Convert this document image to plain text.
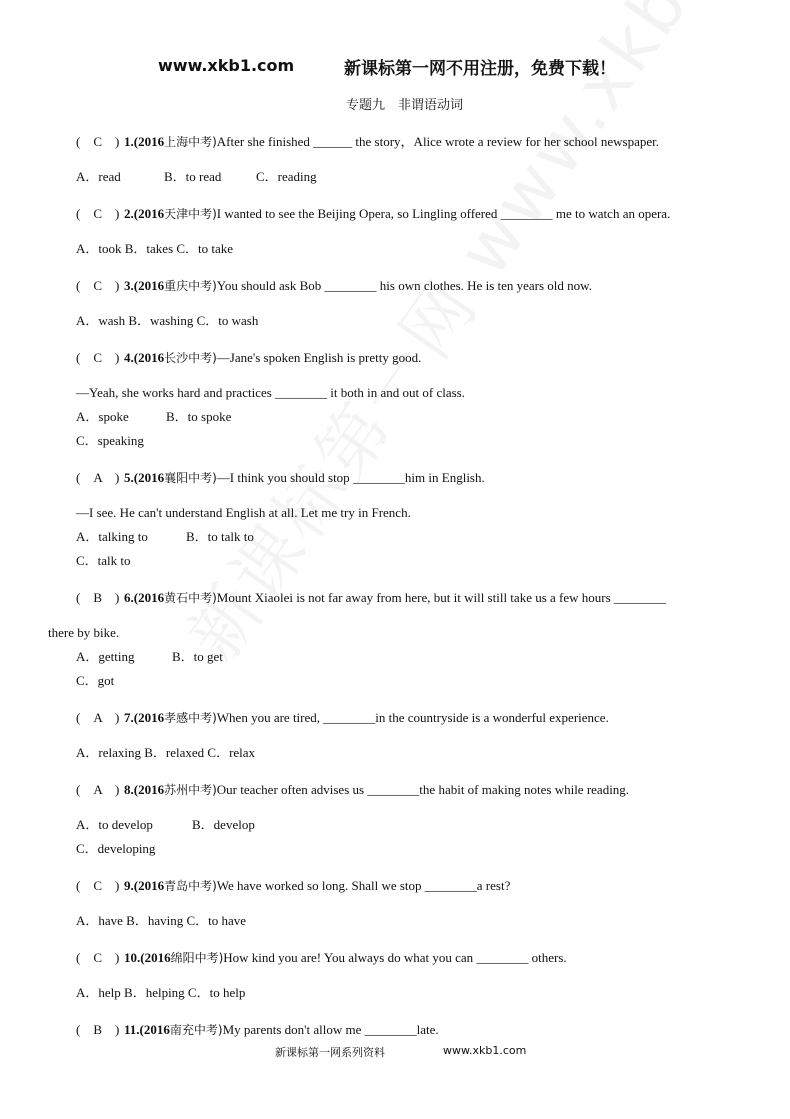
www.xkb1.com	新课标第一网不用注册，免费下载！
专题九　非谓语动词
(　C　) 1.(2016上海中考)After she finished ______ the story，Alice wrote a review for her school newspaper.
A．read	B．to read	C．reading
(　C　) 2.(2016天津中考)I wanted to see the Beijing Opera, so Lingling offered ________ me to watch an opera.
A．took B．takes C．to take
(　C　) 3.(2016重庆中考)You should ask Bob ________ his own clothes. He is ten years old now.
A．wash B．washing C．to wash
(　C　) 4.(2016长沙中考)—Jane's spoken English is pretty good.
—Yeah, she works hard and practices ________ it both in and out of class.
A．spoke	B．to spoke
C．speaking
(　A　) 5.(2016襄阳中考)—I think you should stop ________him in English.
—I see. He can't understand English at all. Let me try in French.
A．talking to	B．to talk to
C．talk to
(　B　) 6.(2016黄石中考)Mount Xiaolei is not far away from here, but it will still take us a few hours ________
there by bike.
A．getting	B．to get
C．got
(　A　) 7.(2016孝感中考)When you are tired, ________in the countryside is a wonderful experience.
A．relaxing B．relaxed C．relax
(　A　) 8.(2016苏州中考)Our teacher often advises us ________the habit of making notes while reading.
A．to develop	B．develop
C．developing
(　C　) 9.(2016青岛中考)We have worked so long. Shall we stop ________a rest?
A．have B．having C．to have
(　C　) 10.(2016绵阳中考)How kind you are! You always do what you can ________ others.
A．help B．helping C．to help
(　B　) 11.(2016南充中考)My parents don't allow me ________late.
新课标第一网系列资料	www.xkb1.com
